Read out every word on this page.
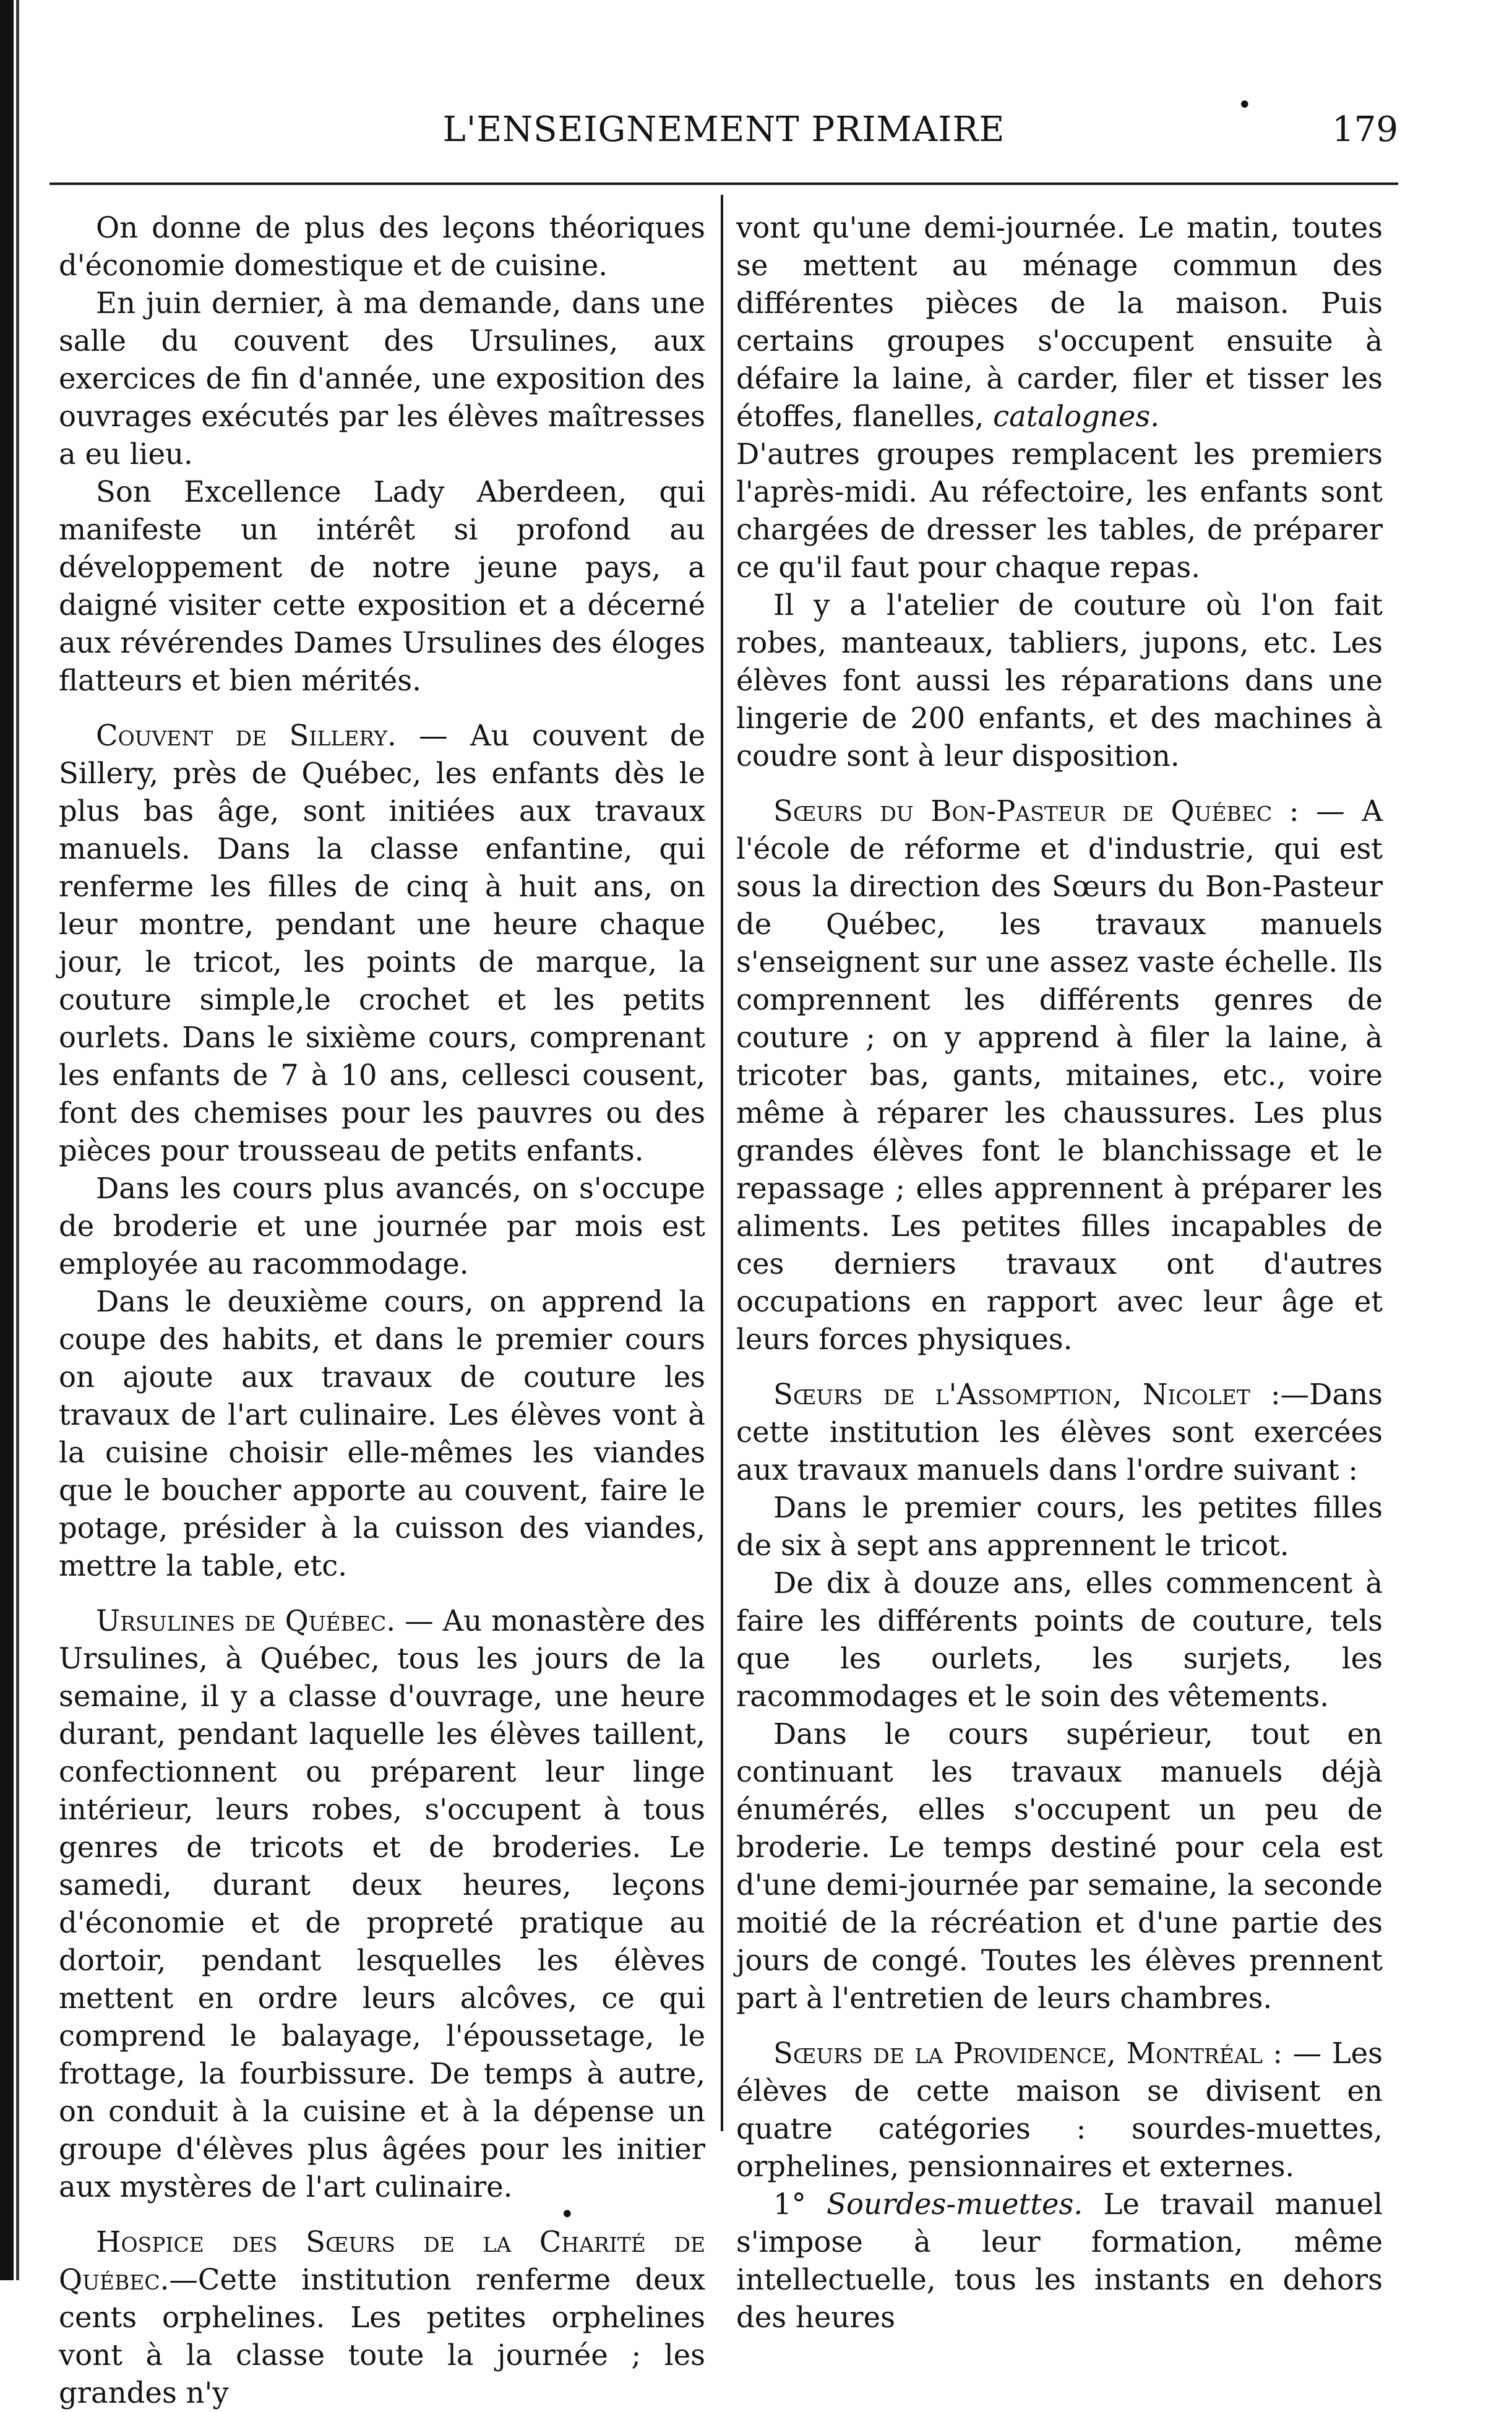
•
L'ENSEIGNEMENT PRIMAIRE	179

On donne de plus des leçons théoriques d'économie domestique et de cuisine.

En juin dernier, à ma demande, dans une salle du couvent des Ursulines, aux exercices de fin d'année, une exposition des ouvrages exécutés par les élèves maîtresses a eu lieu.

Son Excellence Lady Aberdeen, qui manifeste un intérêt si profond au développement de notre jeune pays, a daigné visiter cette exposition et a décerné aux révérendes Dames Ursulines des éloges flatteurs et bien mérités.

Couvent de Sillery. — Au couvent de Sillery, près de Québec, les enfants dès le plus bas âge, sont initiées aux travaux manuels. Dans la classe enfantine, qui renferme les filles de cinq à huit ans, on leur montre, pendant une heure chaque jour, le tricot, les points de marque, la couture simple,le crochet et les petits ourlets. Dans le sixième cours, comprenant les enfants de 7 à 10 ans, cellesci cousent, font des chemises pour les pauvres ou des pièces pour trousseau de petits enfants.

Dans les cours plus avancés, on s'occupe de broderie et une journée par mois est employée au racommodage.

Dans le deuxième cours, on apprend la coupe des habits, et dans le premier cours on ajoute aux travaux de couture les travaux de l'art culinaire. Les élèves vont à la cuisine choisir elle-mêmes les viandes que le boucher apporte au couvent, faire le potage, présider à la cuisson des viandes, mettre la table, etc.

Ursulines de Québec. — Au monastère des Ursulines, à Québec, tous les jours de la semaine, il y a classe d'ouvrage, une heure durant, pendant laquelle les élèves taillent, confectionnent ou préparent leur linge intérieur, leurs robes, s'occupent à tous genres de tricots et de broderies. Le samedi, durant deux heures, leçons d'économie et de propreté pratique au dortoir, pendant lesquelles les élèves mettent en ordre leurs alcôves, ce qui comprend le balayage, l'époussetage, le frottage, la fourbissure. De temps à autre, on conduit à la cuisine et à la dépense un groupe d'élèves plus âgées pour les initier aux mystères de l'art culinaire.

Hospice des Sœurs de la Charité de Québec.—Cette institution renferme deux cents orphelines. Les petites orphelines vont à la classe toute la journée ; les grandes n'y

vont qu'une demi-journée. Le matin, toutes se mettent au ménage commun des différentes pièces de la maison. Puis certains groupes s'occupent ensuite à défaire la laine, à carder, filer et tisser les étoffes, flanelles, catalognes.

D'autres groupes remplacent les premiers l'après-midi. Au réfectoire, les enfants sont chargées de dresser les tables, de préparer ce qu'il faut pour chaque repas.

Il y a l'atelier de couture où l'on fait robes, manteaux, tabliers, jupons, etc. Les élèves font aussi les réparations dans une lingerie de 200 enfants, et des machines à coudre sont à leur disposition.

Sœurs du Bon-Pasteur de Québec : — A l'école de réforme et d'industrie, qui est sous la direction des Sœurs du Bon-Pasteur de Québec, les travaux manuels s'enseignent sur une assez vaste échelle. Ils comprennent les différents genres de couture ; on y apprend à filer la laine, à tricoter bas, gants, mitaines, etc., voire même à réparer les chaussures. Les plus grandes élèves font le blanchissage et le repassage ; elles apprennent à préparer les aliments. Les petites filles incapables de ces derniers travaux ont d'autres occupations en rapport avec leur âge et leurs forces physiques.

Sœurs de l'Assomption, Nicolet :—Dans cette institution les élèves sont exercées aux travaux manuels dans l'ordre suivant :

Dans le premier cours, les petites filles de six à sept ans apprennent le tricot.

De dix à douze ans, elles commencent à faire les différents points de couture, tels que les ourlets, les surjets, les racommodages et le soin des vêtements.

Dans le cours supérieur, tout en continuant les travaux manuels déjà énumérés, elles s'occupent un peu de broderie. Le temps destiné pour cela est d'une demi-journée par semaine, la seconde moitié de la récréation et d'une partie des jours de congé. Toutes les élèves prennent part à l'entretien de leurs chambres.

Sœurs de la Providence, Montréal : — Les élèves de cette maison se divisent en quatre catégories : sourdes-muettes, orphelines, pensionnaires et externes.

1° Sourdes-muettes. Le travail manuel s'impose à leur formation, même intellectuelle, tous les instants en dehors des heures

•
